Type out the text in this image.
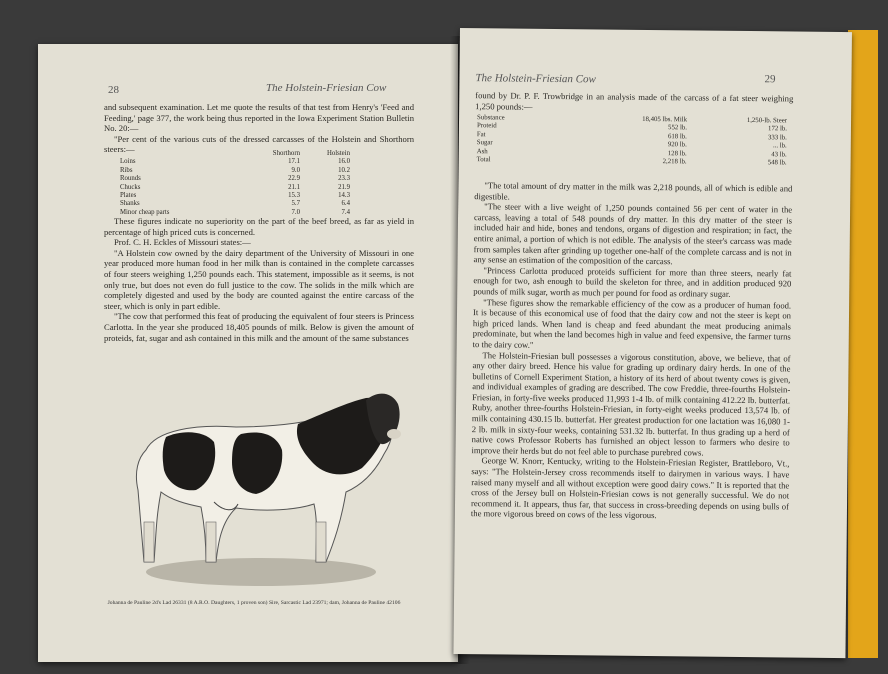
28	The Holstein-Friesian Cow

and subsequent examination. Let me quote the results of that test from Henry's 'Feed and Feeding,' page 377, the work being thus reported in the Iowa Experiment Station Bulletin No. 20:—

"Per cent of the various cuts of the dressed carcasses of the Holstein and Shorthorn steers:—	Shorthorn	Holstein
Loins	17.1	16.0
Ribs	9.0	10.2
Rounds	22.9	23.3
Chucks	21.1	21.9
Plates	15.3	14.3
Shanks	5.7	6.4
Minor cheap parts	7.0	7.4

These figures indicate no superiority on the part of the beef breed, as far as yield in percentage of high priced cuts is concerned.

Prof. C. H. Eckles of Missouri states:—

"A Holstein cow owned by the dairy department of the University of Missouri in one year produced more human food in her milk than is contained in the complete carcasses of four steers weighing 1,250 pounds each. This statement, impossible as it seems, is not only true, but does not even do full justice to the cow. The solids in the milk which are completely digested and used by the body are counted against the entire carcass of the steer, which is only in part edible.

"The cow that performed this feat of producing the equivalent of four steers is Princess Carlotta. In the year she produced 18,405 pounds of milk. Below is given the amount of proteids, fat, sugar and ash contained in this milk and the amount of the same substances

Johanna de Pauline 2d's Lad 26331 (8 A.R.O. Daughters, 1 proven son) Sire, Sarcastic Lad 23971; dam, Johanna de Pauline 42106
The Holstein-Friesian Cow	29

found by Dr. P. F. Trowbridge in an analysis made of the carcass of a fat steer weighing 1,250 pounds:—

Substance	18,405 lbs. Milk	1,250-lb. Steer
Proteid	552 lb.	172 lb.
Fat	618 lb.	333 lb.
Sugar	920 lb.	... lb.
Ash	128 lb.	43 lb.
Total	2,218 lb.	548 lb.

"The total amount of dry matter in the milk was 2,218 pounds, all of which is edible and digestible.

"The steer with a live weight of 1,250 pounds contained 56 per cent of water in the carcass, leaving a total of 548 pounds of dry matter. In this dry matter of the steer is included hair and hide, bones and tendons, organs of digestion and respiration; in fact, the entire animal, a portion of which is not edible. The analysis of the steer's carcass was made from samples taken after grinding up together one-half of the complete carcass and is not in any sense an estimation of the composition of the carcass.

"Princess Carlotta produced proteids sufficient for more than three steers, nearly fat enough for two, ash enough to build the skeleton for three, and in addition produced 920 pounds of milk sugar, worth as much per pound for food as ordinary sugar.

"These figures show the remarkable efficiency of the cow as a producer of human food. It is because of this economical use of food that the dairy cow and not the steer is kept on high priced lands. When land is cheap and feed abundant the meat producing animals predominate, but when the land becomes high in value and feed expensive, the farmer turns to the dairy cow."

The Holstein-Friesian bull possesses a vigorous constitution, above, we believe, that of any other dairy breed. Hence his value for grading up ordinary dairy herds. In one of the bulletins of Cornell Experiment Station, a history of its herd of about twenty cows is given, and individual examples of grading are described. The cow Freddie, three-fourths Holstein-Friesian, in forty-five weeks produced 11,993 1-4 lb. of milk containing 412.22 lb. butterfat. Ruby, another three-fourths Holstein-Friesian, in forty-eight weeks produced 13,574 lb. of milk containing 430.15 lb. butterfat. Her greatest production for one lactation was 16,080 1-2 lb. milk in sixty-four weeks, containing 531.32 lb. butterfat. In thus grading up a herd of native cows Professor Roberts has furnished an object lesson to farmers who desire to improve their herds but do not feel able to purchase purebred cows.

George W. Knorr, Kentucky, writing to the Holstein-Friesian Register, Brattleboro, Vt., says: "The Holstein-Jersey cross recommends itself to dairymen in various ways. I have raised many myself and all without exception were good dairy cows." It is reported that the cross of the Jersey bull on Holstein-Friesian cows is not generally successful. We do not recommend it. It appears, thus far, that success in cross-breeding depends on using bulls of the more vigorous breed on cows of the less vigorous.
